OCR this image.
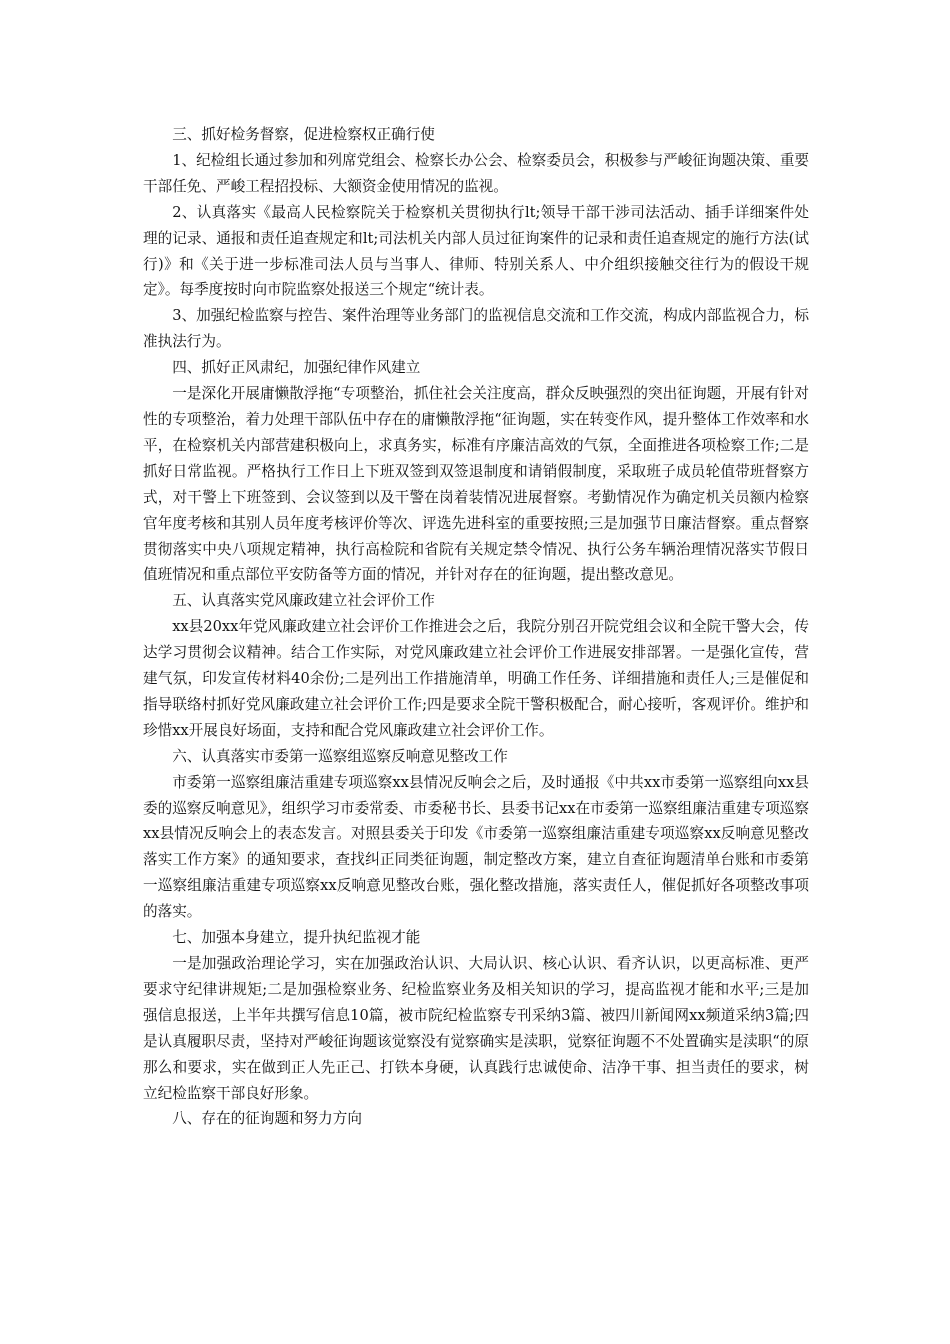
三、抓好检务督察，促进检察权正确行使

1、纪检组长通过参加和列席党组会、检察长办公会、检察委员会，积极参与严峻征询题决策、重要干部任免、严峻工程招投标、大额资金使用情况的监视。

2、认真落实《最高人民检察院关于检察机关贯彻执行lt;领导干部干涉司法活动、插手详细案件处理的记录、通报和责任追查规定和lt;司法机关内部人员过征询案件的记录和责任追查规定的施行方法(试行)》和《关于进一步标准司法人员与当事人、律师、特别关系人、中介组织接触交往行为的假设干规定》。每季度按时向市院监察处报送三个规定“统计表。

3、加强纪检监察与控告、案件治理等业务部门的监视信息交流和工作交流，构成内部监视合力，标准执法行为。

四、抓好正风肃纪，加强纪律作风建立

一是深化开展庸懒散浮拖“专项整治，抓住社会关注度高，群众反映强烈的突出征询题，开展有针对性的专项整治，着力处理干部队伍中存在的庸懒散浮拖“征询题，实在转变作风，提升整体工作效率和水平，在检察机关内部营建积极向上，求真务实，标准有序廉洁高效的气氛，全面推进各项检察工作;二是抓好日常监视。严格执行工作日上下班双签到双签退制度和请销假制度，采取班子成员轮值带班督察方式，对干警上下班签到、会议签到以及干警在岗着装情况进展督察。考勤情况作为确定机关员额内检察官年度考核和其别人员年度考核评价等次、评选先进科室的重要按照;三是加强节日廉洁督察。重点督察贯彻落实中央八项规定精神，执行高检院和省院有关规定禁令情况、执行公务车辆治理情况落实节假日值班情况和重点部位平安防备等方面的情况，并针对存在的征询题，提出整改意见。

五、认真落实党风廉政建立社会评价工作

xx县20xx年党风廉政建立社会评价工作推进会之后，我院分别召开院党组会议和全院干警大会，传达学习贯彻会议精神。结合工作实际，对党风廉政建立社会评价工作进展安排部署。一是强化宣传，营建气氛，印发宣传材料40余份;二是列出工作措施清单，明确工作任务、详细措施和责任人;三是催促和指导联络村抓好党风廉政建立社会评价工作;四是要求全院干警积极配合，耐心接听，客观评价。维护和珍惜xx开展良好场面，支持和配合党风廉政建立社会评价工作。

六、认真落实市委第一巡察组巡察反响意见整改工作

市委第一巡察组廉洁重建专项巡察xx县情况反响会之后，及时通报《中共xx市委第一巡察组向xx县委的巡察反响意见》，组织学习市委常委、市委秘书长、县委书记xx在市委第一巡察组廉洁重建专项巡察xx县情况反响会上的表态发言。对照县委关于印发《市委第一巡察组廉洁重建专项巡察xx反响意见整改落实工作方案》的通知要求，查找纠正同类征询题，制定整改方案，建立自查征询题清单台账和市委第一巡察组廉洁重建专项巡察xx反响意见整改台账，强化整改措施，落实责任人，催促抓好各项整改事项的落实。

七、加强本身建立，提升执纪监视才能

一是加强政治理论学习，实在加强政治认识、大局认识、核心认识、看齐认识，以更高标准、更严要求守纪律讲规矩;二是加强检察业务、纪检监察业务及相关知识的学习，提高监视才能和水平;三是加强信息报送，上半年共撰写信息10篇，被市院纪检监察专刊采纳3篇、被四川新闻网xx频道采纳3篇;四是认真履职尽责，坚持对严峻征询题该觉察没有觉察确实是渎职，觉察征询题不不处置确实是渎职“的原那么和要求，实在做到正人先正己、打铁本身硬，认真践行忠诚使命、洁净干事、担当责任的要求，树立纪检监察干部良好形象。

八、存在的征询题和努力方向
